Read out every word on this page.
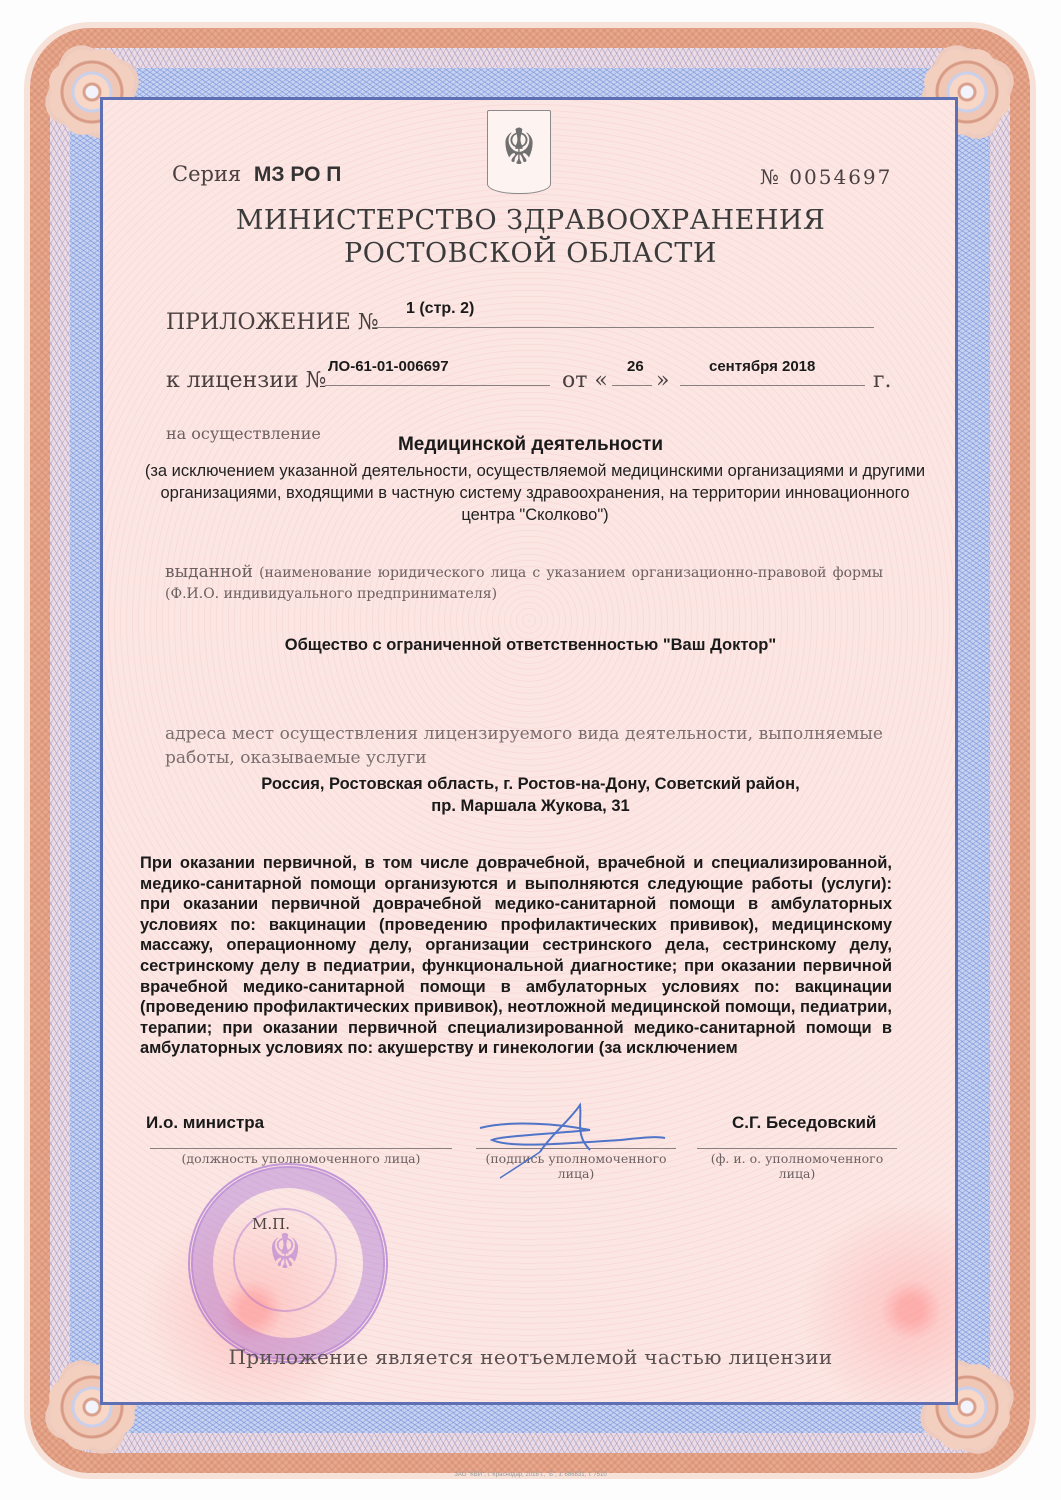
☬
Серия МЗ РО П	№ 0054697
МИНИСТЕРСТВО ЗДРАВООХРАНЕНИЯ
РОСТОВСКОЙ ОБЛАСТИ
ПРИЛОЖЕНИЕ №
1 (стр. 2)
к лицензии №
ЛО-61-01-006697
от «
26
»
сентября 2018
г.
на осуществление
Медицинской деятельности
(за исключением указанной деятельности, осуществляемой медицинскими организациями и другими организациями, входящими в частную систему здравоохранения, на территории инновационного центра "Сколково")
выданной (наименование юридического лица с указанием организационно-правовой формы (Ф.И.О. индивидуального предпринимателя)
Общество с ограниченной ответственностью "Ваш Доктор"
адреса мест осуществления лицензируемого вида деятельности, выполняемые работы, оказываемые услуги
Россия, Ростовская область, г. Ростов-на-Дону, Советский район,
пр. Маршала Жукова, 31
При оказании первичной, в том числе доврачебной, врачебной и специализированной, медико-санитарной помощи организуются и выполняются следующие работы (услуги): при оказании первичной доврачебной медико-санитарной помощи в амбулаторных условиях по: вакцинации (проведению профилактических прививок), медицинскому массажу, операционному делу, организации сестринского дела, сестринскому делу, сестринскому делу в педиатрии, функциональной диагностике; при оказании первичной врачебной медико-санитарной помощи в амбулаторных условиях по: вакцинации (проведению профилактических прививок), неотложной медицинской помощи, педиатрии, терапии; при оказании первичной специализированной медико-санитарной помощи в амбулаторных условиях по: акушерству и гинекологии (за исключением
И.о. министра	С.Г. Беседовский
(должность уполномоченного лица)	(подпись уполномоченного лица)
(ф. и. о. уполномоченного лица)
☬
М.П.
Приложение является неотъемлемой частью лицензии
ЗАО "КБИ", г. Краснодар, 2018 г., "Б", з. 686831, т. 7510
